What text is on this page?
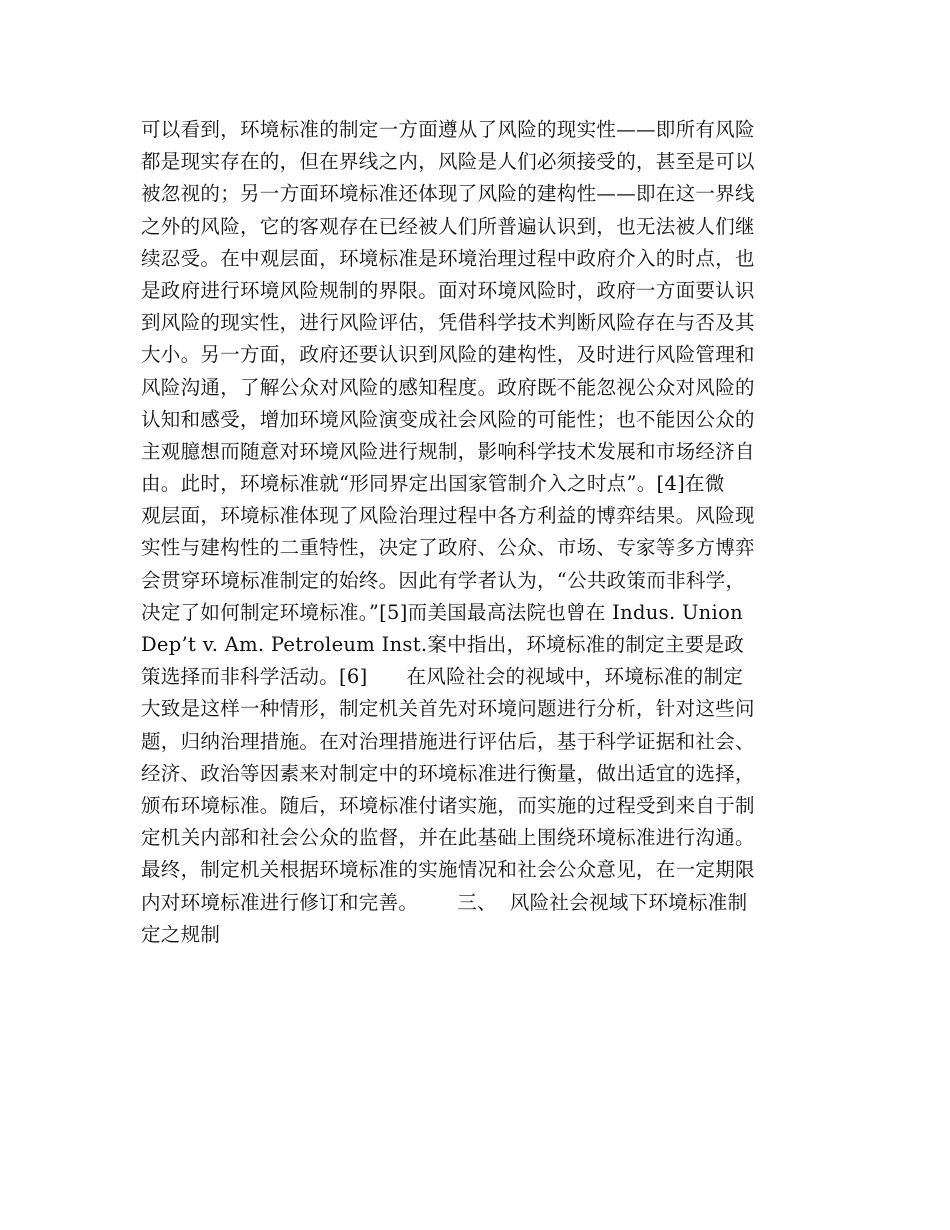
可以看到，环境标准的制定一方面遵从了风险的现实性——即所有风险
都是现实存在的，但在界线之内，风险是人们必须接受的，甚至是可以
被忽视的；另一方面环境标准还体现了风险的建构性——即在这一界线
之外的风险，它的客观存在已经被人们所普遍认识到，也无法被人们继
续忍受。在中观层面，环境标准是环境治理过程中政府介入的时点，也
是政府进行环境风险规制的界限。面对环境风险时，政府一方面要认识
到风险的现实性，进行风险评估，凭借科学技术判断风险存在与否及其
大小。另一方面，政府还要认识到风险的建构性，及时进行风险管理和
风险沟通，了解公众对风险的感知程度。政府既不能忽视公众对风险的
认知和感受，增加环境风险演变成社会风险的可能性；也不能因公众的
主观臆想而随意对环境风险进行规制，影响科学技术发展和市场经济自
由。此时，环境标准就“形同界定出国家管制介入之时点”。[4]在微
观层面，环境标准体现了风险治理过程中各方利益的博弈结果。风险现
实性与建构性的二重特性，决定了政府、公众、市场、专家等多方博弈
会贯穿环境标准制定的始终。因此有学者认为，“公共政策而非科学，
决定了如何制定环境标准。”[5]而美国最高法院也曾在 Indus. Union
Dep’t v. Am. Petroleum Inst.案中指出，环境标准的制定主要是政
策选择而非科学活动。[6]      在风险社会的视域中，环境标准的制定
大致是这样一种情形，制定机关首先对环境问题进行分析，针对这些问
题，归纳治理措施。在对治理措施进行评估后，基于科学证据和社会、
经济、政治等因素来对制定中的环境标准进行衡量，做出适宜的选择，
颁布环境标准。随后，环境标准付诸实施，而实施的过程受到来自于制
定机关内部和社会公众的监督，并在此基础上围绕环境标准进行沟通。
最终，制定机关根据环境标准的实施情况和社会公众意见，在一定期限
内对环境标准进行修订和完善。      三、  风险社会视域下环境标准制
定之规制
